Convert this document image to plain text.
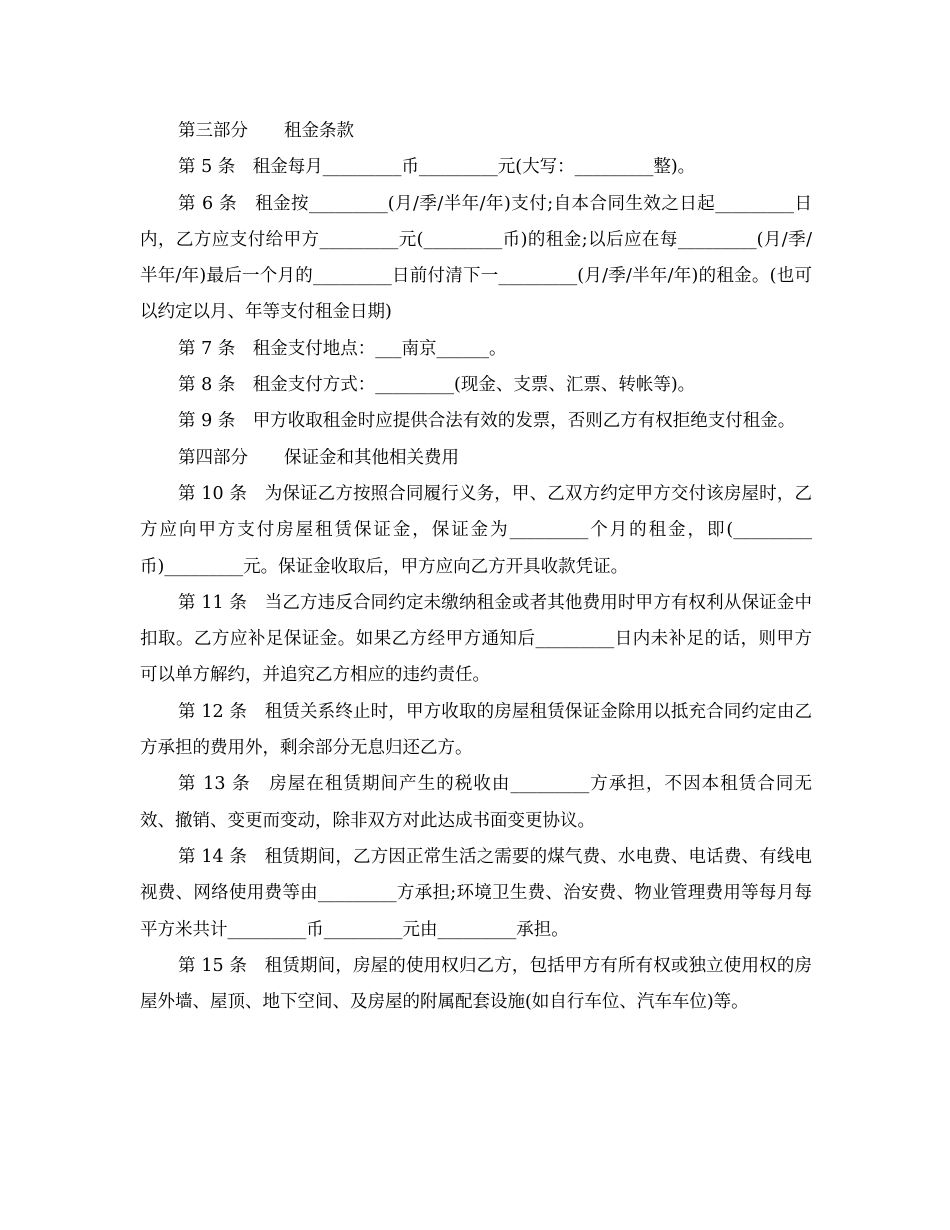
第三部分 租金条款

第 5 条　租金每月_________币_________元(大写：_________整)。

第 6 条　租金按_________(月/季/半年/年)支付;自本合同生效之日起_________日内，乙方应支付给甲方_________元(_________币)的租金;以后应在每_________(月/季/半年/年)最后一个月的_________日前付清下一_________(月/季/半年/年)的租金。(也可以约定以月、年等支付租金日期)

第 7 条　租金支付地点：___南京______。

第 8 条　租金支付方式：_________(现金、支票、汇票、转帐等)。

第 9 条　甲方收取租金时应提供合法有效的发票，否则乙方有权拒绝支付租金。

第四部分 保证金和其他相关费用

第 10 条　为保证乙方按照合同履行义务，甲、乙双方约定甲方交付该房屋时，乙方应向甲方支付房屋租赁保证金，保证金为_________个月的租金，即(_________币)_________元。保证金收取后，甲方应向乙方开具收款凭证。

第 11 条　当乙方违反合同约定未缴纳租金或者其他费用时甲方有权利从保证金中扣取。乙方应补足保证金。如果乙方经甲方通知后_________日内未补足的话，则甲方可以单方解约，并追究乙方相应的违约责任。

第 12 条　租赁关系终止时，甲方收取的房屋租赁保证金除用以抵充合同约定由乙方承担的费用外，剩余部分无息归还乙方。

第 13 条　房屋在租赁期间产生的税收由_________方承担，不因本租赁合同无效、撤销、变更而变动，除非双方对此达成书面变更协议。

第 14 条　租赁期间，乙方因正常生活之需要的煤气费、水电费、电话费、有线电视费、网络使用费等由_________方承担;环境卫生费、治安费、物业管理费用等每月每平方米共计_________币_________元由_________承担。

第 15 条　租赁期间，房屋的使用权归乙方，包括甲方有所有权或独立使用权的房屋外墙、屋顶、地下空间、及房屋的附属配套设施(如自行车位、汽车车位)等。
